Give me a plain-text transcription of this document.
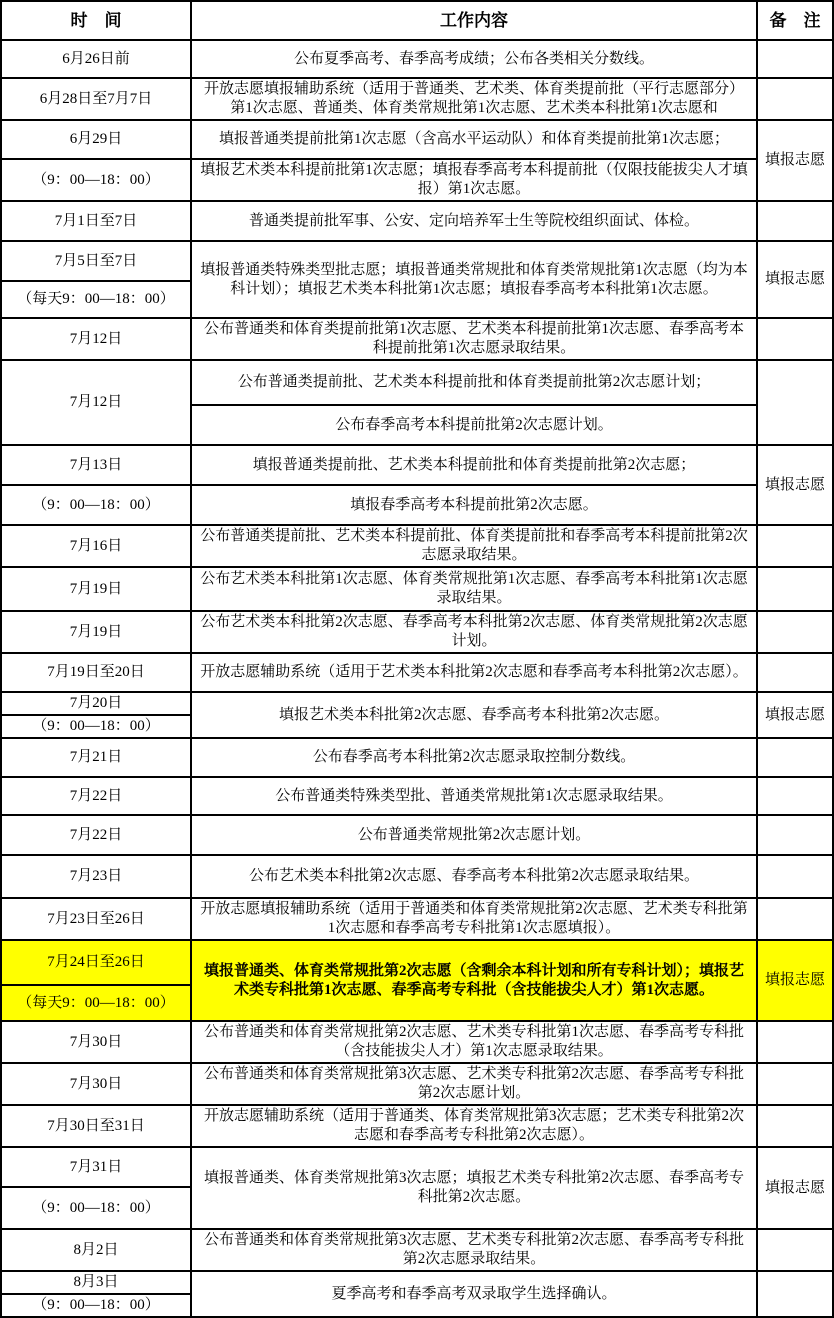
时　间	工作内容	备　注
6月26日前	公布夏季高考、春季高考成绩；公布各类相关分数线。	
6月28日至7月7日	开放志愿填报辅助系统（适用于普通类、艺术类、体育类提前批（平行志愿部分）第1次志愿、普通类、体育类常规批第1次志愿、艺术类本科批第1次志愿和	
6月29日	填报普通类提前批第1次志愿（含高水平运动队）和体育类提前批第1次志愿；	填报志愿
（9：00—18：00）	填报艺术类本科提前批第1次志愿；填报春季高考本科提前批（仅限技能拔尖人才填报）第1次志愿。	
7月1日至7日	普通类提前批军事、公安、定向培养军士生等院校组织面试、体检。	
7月5日至7日	填报普通类特殊类型批志愿；填报普通类常规批和体育类常规批第1次志愿（均为本科计划）；填报艺术类本科批第1次志愿；填报春季高考本科批第1次志愿。	填报志愿
（每天9：00—18：00）		
7月12日	公布普通类和体育类提前批第1次志愿、艺术类本科提前批第1次志愿、春季高考本科提前批第1次志愿录取结果。	
7月12日	公布普通类提前批、艺术类本科提前批和体育类提前批第2次志愿计划；	
	公布春季高考本科提前批第2次志愿计划。	
7月13日	填报普通类提前批、艺术类本科提前批和体育类提前批第2次志愿；	填报志愿
（9：00—18：00）	填报春季高考本科提前批第2次志愿。	
7月16日	公布普通类提前批、艺术类本科提前批、体育类提前批和春季高考本科提前批第2次志愿录取结果。	
7月19日	公布艺术类本科批第1次志愿、体育类常规批第1次志愿、春季高考本科批第1次志愿录取结果。	
7月19日	公布艺术类本科批第2次志愿、春季高考本科批第2次志愿、体育类常规批第2次志愿计划。	
7月19日至20日	开放志愿辅助系统（适用于艺术类本科批第2次志愿和春季高考本科批第2次志愿）。	
7月20日	填报艺术类本科批第2次志愿、春季高考本科批第2次志愿。	填报志愿
（9：00—18：00）		
7月21日	公布春季高考本科批第2次志愿录取控制分数线。	
7月22日	公布普通类特殊类型批、普通类常规批第1次志愿录取结果。	
7月22日	公布普通类常规批第2次志愿计划。	
7月23日	公布艺术类本科批第2次志愿、春季高考本科批第2次志愿录取结果。	
7月23日至26日	开放志愿填报辅助系统（适用于普通类和体育类常规批第2次志愿、艺术类专科批第1次志愿和春季高考专科批第1次志愿填报）。	
7月24日至26日	填报普通类、体育类常规批第2次志愿（含剩余本科计划和所有专科计划）；填报艺术类专科批第1次志愿、春季高考专科批（含技能拔尖人才）第1次志愿。	填报志愿
（每天9：00—18：00）		
7月30日	公布普通类和体育类常规批第2次志愿、艺术类专科批第1次志愿、春季高考专科批（含技能拔尖人才）第1次志愿录取结果。	
7月30日	公布普通类和体育类常规批第3次志愿、艺术类专科批第2次志愿、春季高考专科批第2次志愿计划。	
7月30日至31日	开放志愿辅助系统（适用于普通类、体育类常规批第3次志愿；艺术类专科批第2次志愿和春季高考专科批第2次志愿）。	
7月31日	填报普通类、体育类常规批第3次志愿；填报艺术类专科批第2次志愿、春季高考专科批第2次志愿。	填报志愿
（9：00—18：00）		
8月2日	公布普通类和体育类常规批第3次志愿、艺术类专科批第2次志愿、春季高考专科批第2次志愿录取结果。	
8月3日	夏季高考和春季高考双录取学生选择确认。	
（9：00—18：00）		
